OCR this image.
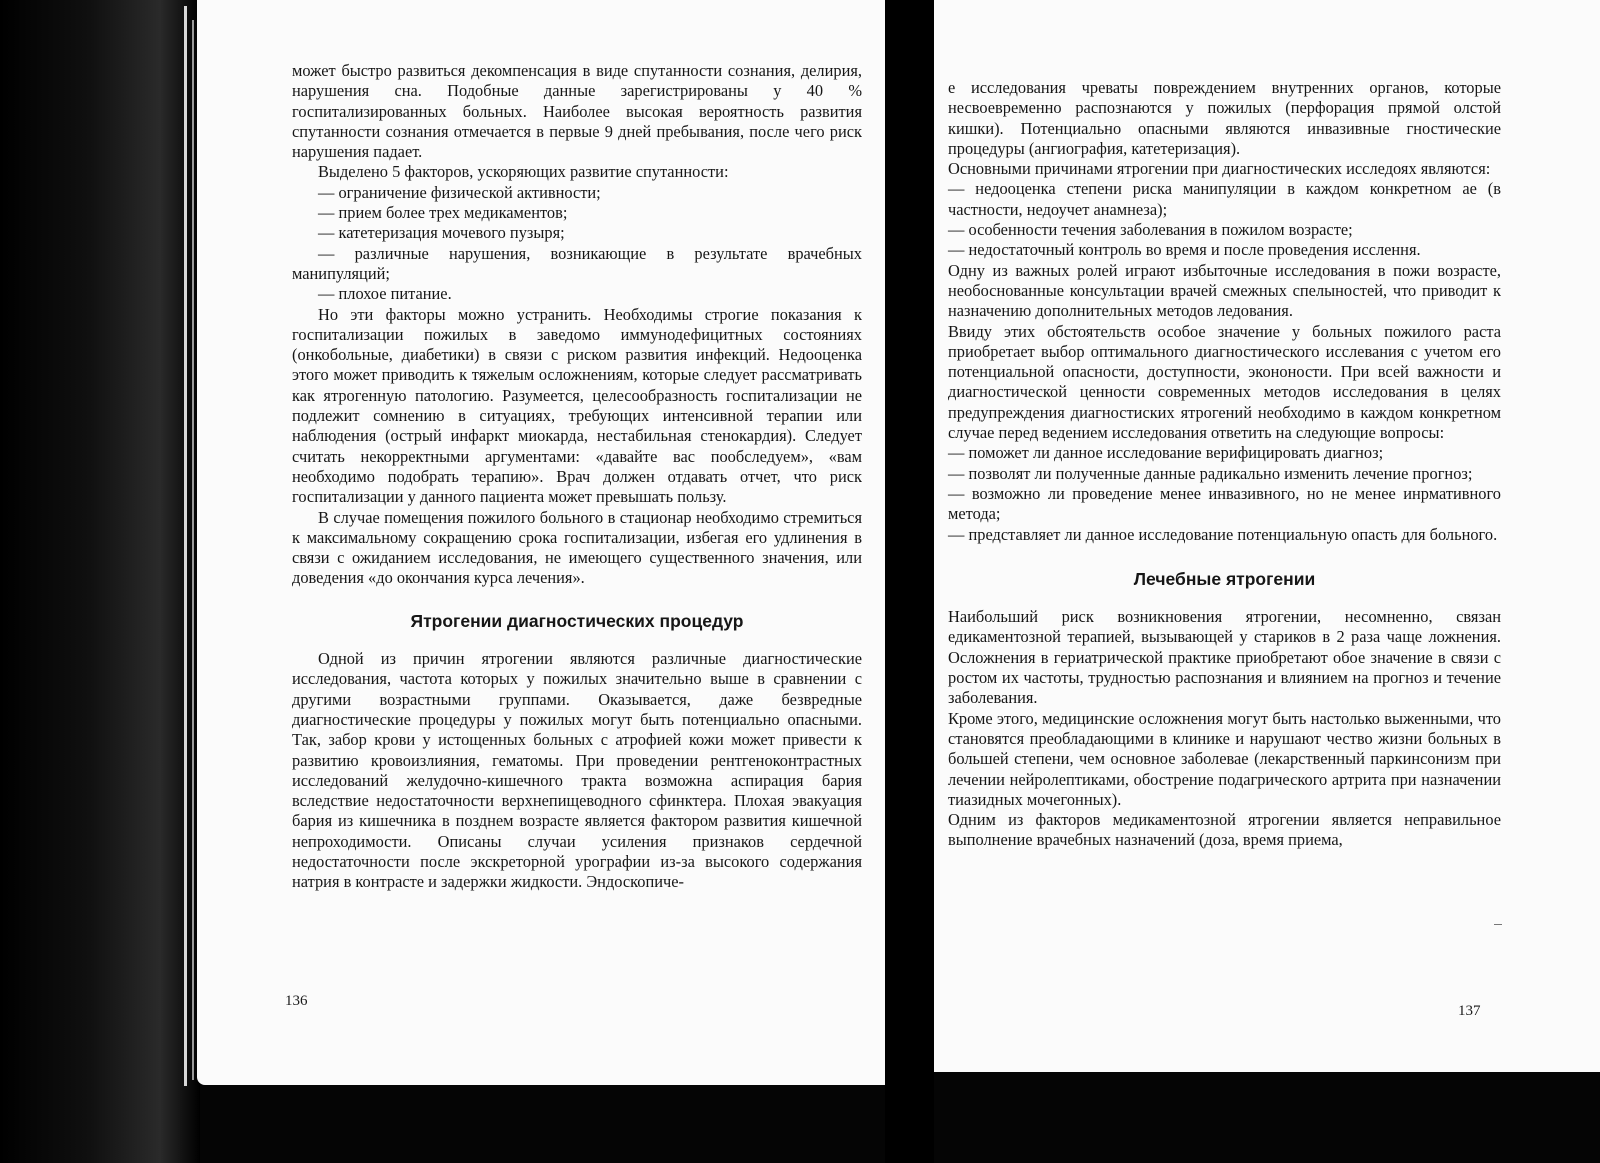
может быстро развиться декомпенсация в виде спутанности сознания, делирия, нарушения сна. Подобные данные зарегистрированы у 40 % госпитализированных больных. Наиболее высокая вероятность развития спутанности сознания отмечается в первые 9 дней пребывания, после чего риск нарушения падает.

Выделено 5 факторов, ускоряющих развитие спутанности:

— ограничение физической активности;

— прием более трех медикаментов;

— катетеризация мочевого пузыря;

— различные нарушения, возникающие в результате врачебных манипуляций;

— плохое питание.

Но эти факторы можно устранить. Необходимы строгие показания к госпитализации пожилых в заведомо иммунодефицитных состояниях (онкобольные, диабетики) в связи с риском развития инфекций. Недооценка этого может приводить к тяжелым осложнениям, которые следует рассматривать как ятрогенную патологию. Разумеется, целесообразность госпитализации не подлежит сомнению в ситуациях, требующих интенсивной терапии или наблюдения (острый инфаркт миокарда, нестабильная стенокардия). Следует считать некорректными аргументами: «давайте вас пообследуем», «вам необходимо подобрать терапию». Врач должен отдавать отчет, что риск госпитализации у данного пациента может превышать пользу.

В случае помещения пожилого больного в стационар необходимо стремиться к максимальному сокращению срока госпитализации, избегая его удлинения в связи с ожиданием исследования, не имеющего существенного значения, или доведения «до окончания курса лечения».

Ятрогении диагностических процедур

Одной из причин ятрогении являются различные диагностические исследования, частота которых у пожилых значительно выше в сравнении с другими возрастными группами. Оказывается, даже безвредные диагностические процедуры у пожилых могут быть потенциально опасными. Так, забор крови у истощенных больных с атрофией кожи может привести к развитию кровоизлияния, гематомы. При проведении рентгеноконтрастных исследований желудочно-кишечного тракта возможна аспирация бария вследствие недостаточности верхнепищеводного сфинктера. Плохая эвакуация бария из кишечника в позднем возрасте является фактором развития кишечной непроходимости. Описаны случаи усиления признаков сердечной недостаточности после экскреторной урографии из-за высокого содержания натрия в контрасте и задержки жидкости. Эндоскопиче-

136

е исследования чреваты повреждением внутренних органов, которые несвоевременно распознаются у пожилых (перфорация прямой олстой кишки). Потенциально опасными являются инвазивные гностические процедуры (ангиография, катетеризация).

Основными причинами ятрогении при диагностических исследоях являются:

— недооценка степени риска манипуляции в каждом конкретном ае (в частности, недоучет анамнеза);

— особенности течения заболевания в пожилом возрасте;

— недостаточный контроль во время и после проведения исслення.

Одну из важных ролей играют избыточные исследования в пожи возрасте, необоснованные консультации врачей смежных спелыностей, что приводит к назначению дополнительных методов ледования.

Ввиду этих обстоятельств особое значение у больных пожилого раста приобретает выбор оптимального диагностического исслевания с учетом его потенциальной опасности, доступности, экононости. При всей важности и диагностической ценности современных методов исследования в целях предупреждения диагностиских ятрогений необходимо в каждом конкретном случае перед ведением исследования ответить на следующие вопросы:

— поможет ли данное исследование верифицировать диагноз;

— позволят ли полученные данные радикально изменить лечение прогноз;

— возможно ли проведение менее инвазивного, но не менее инрмативного метода;

— представляет ли данное исследование потенциальную опасть для больного.

Лечебные ятрогении

Наибольший риск возникновения ятрогении, несомненно, связан едикаментозной терапией, вызывающей у стариков в 2 раза чаще ложнения. Осложнения в гериатрической практике приобретают обое значение в связи с ростом их частоты, трудностью распознания и влиянием на прогноз и течение заболевания.

Кроме этого, медицинские осложнения могут быть настолько выженными, что становятся преобладающими в клинике и нарушают чество жизни больных в большей степени, чем основное заболевае (лекарственный паркинсонизм при лечении нейролептиками, обострение подагрического артрита при назначении тиазидных мочегонных).

Одним из факторов медикаментозной ятрогении является неправильное выполнение врачебных назначений (доза, время приема,

137
